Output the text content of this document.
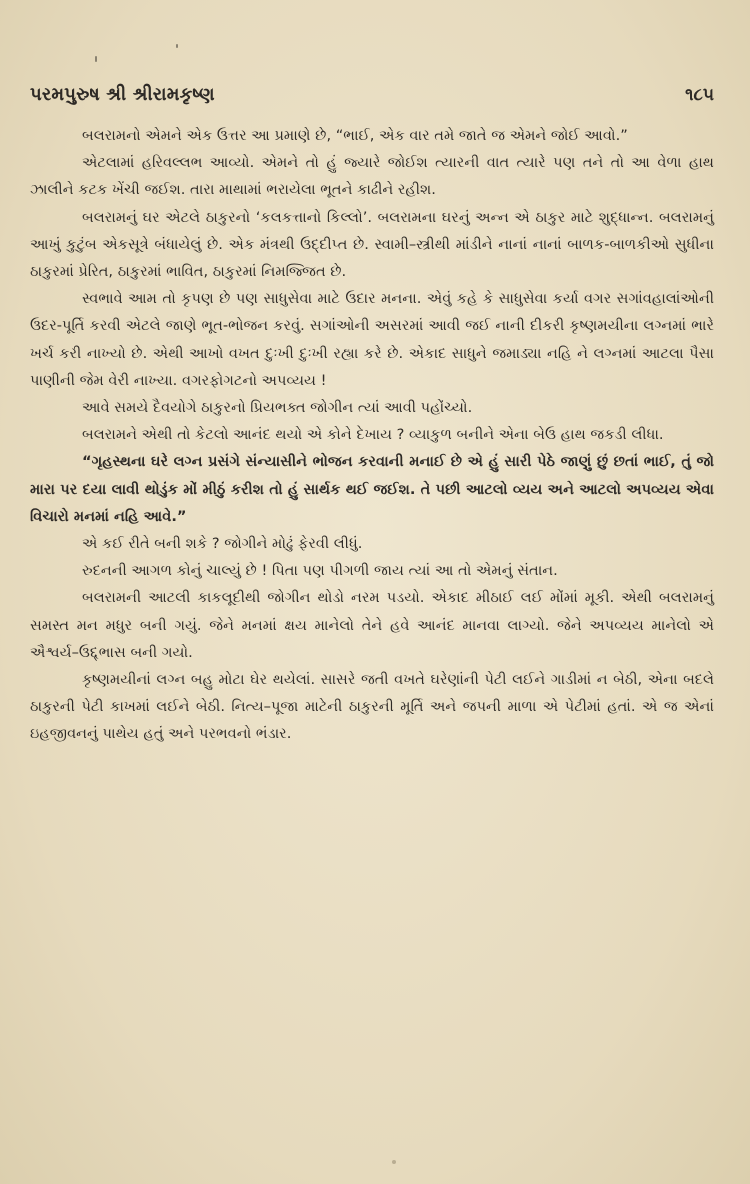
પરમપુરુષ શ્રી શ્રીરામકૃષ્ણ	૧૮૫

બલરામનો એમને એક ઉત્તર આ પ્રમાણે છે, “ભાઈ, એક વાર તમે જાતે જ એમને જોઈ આવો.”

એટલામાં હરિવલ્લભ આવ્યો. એમને તો હું જ્યારે જોઈશ ત્યારની વાત ત્યારે પણ તને તો આ વેળા હાથ ઝાલીને કટક ખેંચી જઈશ. તારા માથામાં ભરાયેલા ભૂતને કાઢીને રહીશ.

બલરામનું ઘર એટલે ઠાકુરનો ‘કલકત્તાનો કિલ્લો’. બલરામના ઘરનું અન્ન એ ઠાકુર માટે શુદ્ધાન્ન. બલરામનું આખું કુટુંબ એકસૂત્રે બંધાયેલું છે. એક મંત્રથી ઉદ્દીપ્ત છે. સ્વામી–સ્ત્રીથી માંડીને નાનાં નાનાં બાળક-બાળકીઓ સુધીના ઠાકુરમાં પ્રેરિત, ઠાકુરમાં ભાવિત, ઠાકુરમાં નિમજ્જિત છે.

સ્વભાવે આમ તો કૃપણ છે પણ સાધુસેવા માટે ઉદાર મનના. એવું કહે કે સાધુસેવા કર્યા વગર સગાંવહાલાંઓની ઉદર-પૂર્તિ કરવી એટલે જાણે ભૂત-ભોજન કરવું. સગાંઓની અસરમાં આવી જઈ નાની દીકરી કૃષ્ણમયીના લગ્નમાં ભારે ખર્ચ કરી નાખ્યો છે. એથી આખો વખત દુઃખી દુઃખી રહ્યા કરે છે. એકાદ સાધુને જમાડ્યા નહિ ને લગ્નમાં આટલા પૈસા પાણીની જેમ વેરી નાખ્યા. વગરફોગટનો અપવ્યય !

આવે સમયે દૈવયોગે ઠાકુરનો પ્રિયભક્ત જોગીન ત્યાં આવી પહોંચ્યો.

બલરામને એથી તો કેટલો આનંદ થયો એ કોને દેખાય ? વ્યાકુળ બનીને એના બેઉ હાથ જકડી લીધા.

“ગૃહસ્થના ઘરે લગ્ન પ્રસંગે સંન્યાસીને ભોજન કરવાની મનાઈ છે એ હું સારી પેઠે જાણું છું છતાં ભાઈ, તું જો મારા પર દયા લાવી થોડુંક મોં મીઠું કરીશ તો હું સાર્થક થઈ જઈશ. તે પછી આટલો વ્યય અને આટલો અપવ્યય એવા વિચારો મનમાં નહિ આવે.”

એ કઈ રીતે બની શકે ? જોગીને મોઢું ફેરવી લીધું.

રુદનની આગળ કોનું ચાલ્યું છે ! પિતા પણ પીગળી જાય ત્યાં આ તો એમનું સંતાન.

બલરામની આટલી કાકલૂદીથી જોગીન થોડો નરમ પડયો. એકાદ મીઠાઈ લઈ મોંમાં મૂકી. એથી બલરામનું સમસ્ત મન મધુર બની ગયું. જેને મનમાં ક્ષય માનેલો તેને હવે આનંદ માનવા લાગ્યો. જેને અપવ્યય માનેલો એ ઐશ્વર્ય–ઉદ્દ્ભાસ બની ગયો.

કૃષ્ણમયીનાં લગ્ન બહુ મોટા ઘેર થયેલાં. સાસરે જતી વખતે ઘરેણાંની પેટી લઈને ગાડીમાં ન બેઠી, એના બદલે ઠાકુરની પેટી કાખમાં લઈને બેઠી. નિત્ય–પૂજા માટેની ઠાકુરની મૂર્તિ અને જપની માળા એ પેટીમાં હતાં. એ જ એનાં ઇહજીવનનું પાથેય હતું અને પરભવનો ભંડાર.
